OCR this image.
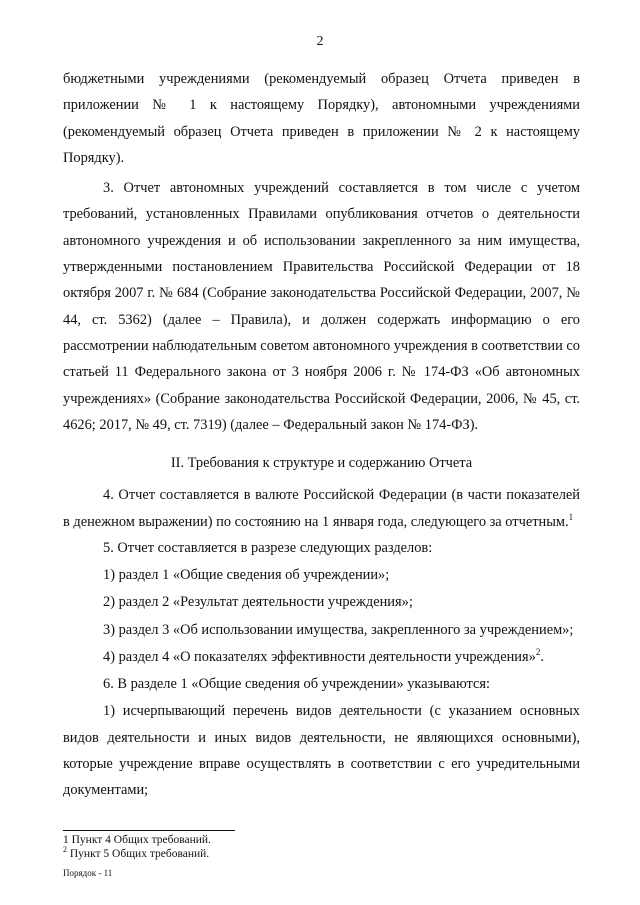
2

бюджетными учреждениями (рекомендуемый образец Отчета приведен в приложении № 1 к настоящему Порядку), автономными учреждениями (рекомендуемый образец Отчета приведен в приложении № 2 к настоящему Порядку).

3. Отчет автономных учреждений составляется в том числе с учетом требований, установленных Правилами опубликования отчетов о деятельности автономного учреждения и об использовании закрепленного за ним имущества, утвержденными постановлением Правительства Российской Федерации от 18 октября 2007 г. № 684 (Собрание законодательства Российской Федерации, 2007, № 44, ст. 5362) (далее – Правила), и должен содержать информацию о его рассмотрении наблюдательным советом автономного учреждения в соответствии со статьей 11 Федерального закона от 3 ноября 2006 г. № 174-ФЗ «Об автономных учреждениях» (Собрание законодательства Российской Федерации, 2006, № 45, ст. 4626; 2017, № 49, ст. 7319) (далее – Федеральный закон № 174-ФЗ).

II. Требования к структуре и содержанию Отчета

4. Отчет составляется в валюте Российской Федерации (в части показателей в денежном выражении) по состоянию на 1 января года, следующего за отчетным.$^1$

5. Отчет составляется в разрезе следующих разделов:

1) раздел 1 «Общие сведения об учреждении»;

2) раздел 2 «Результат деятельности учреждения»;

3) раздел 3 «Об использовании имущества, закрепленного за учреждением»;

4) раздел 4 «О показателях эффективности деятельности учреждения»$^2$.

6. В разделе 1 «Общие сведения об учреждении» указываются:

1) исчерпывающий перечень видов деятельности (с указанием основных видов деятельности и иных видов деятельности, не являющихся основными), которые учреждение вправе осуществлять в соответствии с его учредительными документами;

1 Пункт 4 Общих требований.
$^2$ Пункт 5 Общих требований.
Порядок - 11
